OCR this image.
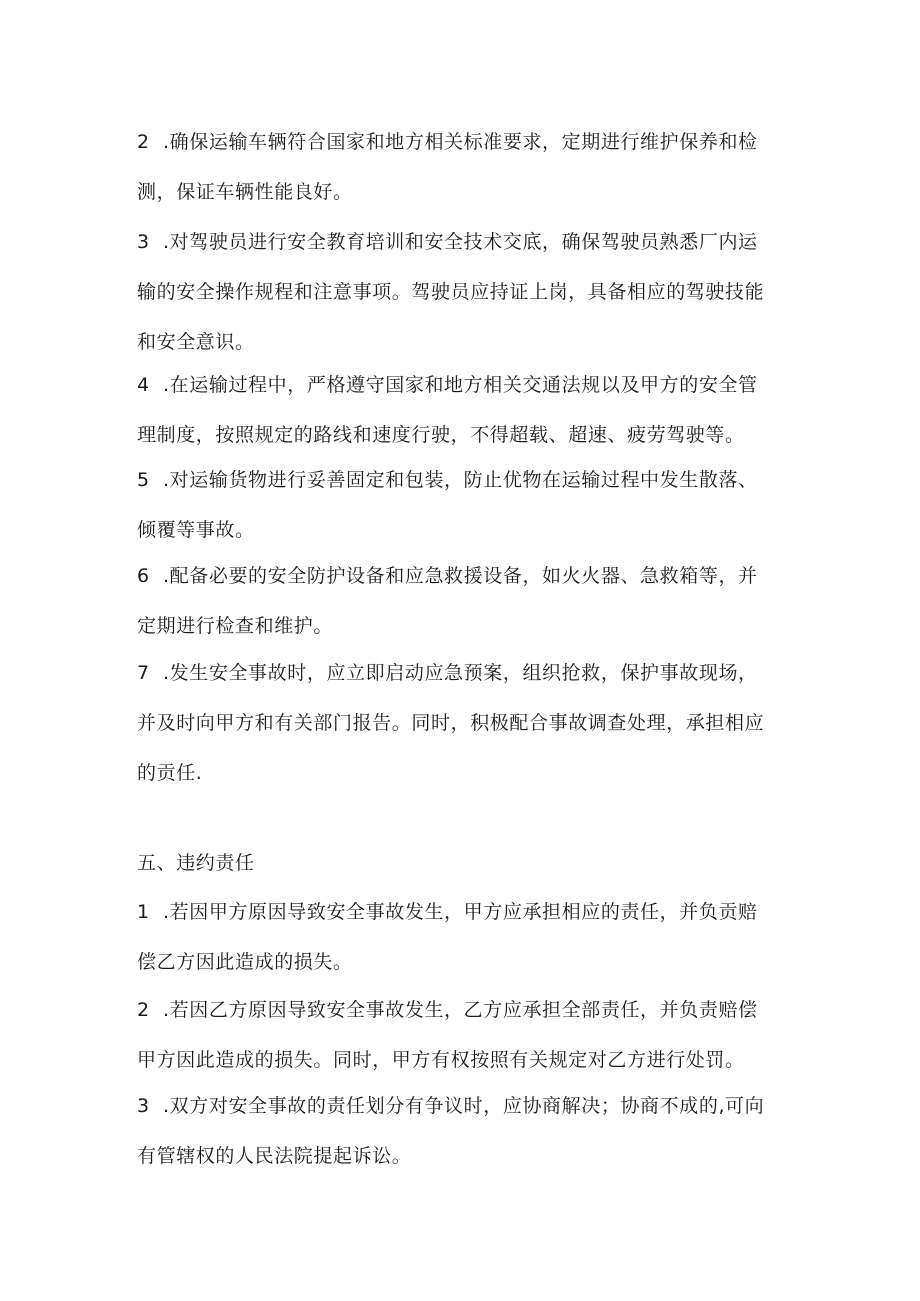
2 .确保运输车辆符合国家和地方相关标准要求，定期进行维护保养和检测，保证车辆性能良好。

3 .对驾驶员进行安全教育培训和安全技术交底，确保驾驶员熟悉厂内运输的安全操作规程和注意事项。驾驶员应持证上岗，具备相应的驾驶技能和安全意识。

4 .在运输过程中，严格遵守国家和地方相关交通法规以及甲方的安全管理制度，按照规定的路线和速度行驶，不得超载、超速、疲劳驾驶等。

5 .对运输货物进行妥善固定和包装，防止优物在运输过程中发生散落、倾覆等事故。

6 .配备必要的安全防护设备和应急救援设备，如火火器、急救箱等，并定期进行检查和维护。

7 .发生安全事故时，应立即启动应急预案，组织抢救，保护事故现场，并及时向甲方和有关部门报告。同时，积极配合事故调查处理，承担相应的贡任.

五、违约责任

1 .若因甲方原因导致安全事故发生，甲方应承担相应的责任，并负贡赔偿乙方因此造成的损失。

2 .若因乙方原因导致安全事故发生，乙方应承担全部责任，并负责赔偿甲方因此造成的损失。同时，甲方有权按照有关规定对乙方进行处罚。

3 .双方对安全事故的责任划分有争议时，应协商解决；协商不成的,可向有管辖权的人民法院提起诉讼。
